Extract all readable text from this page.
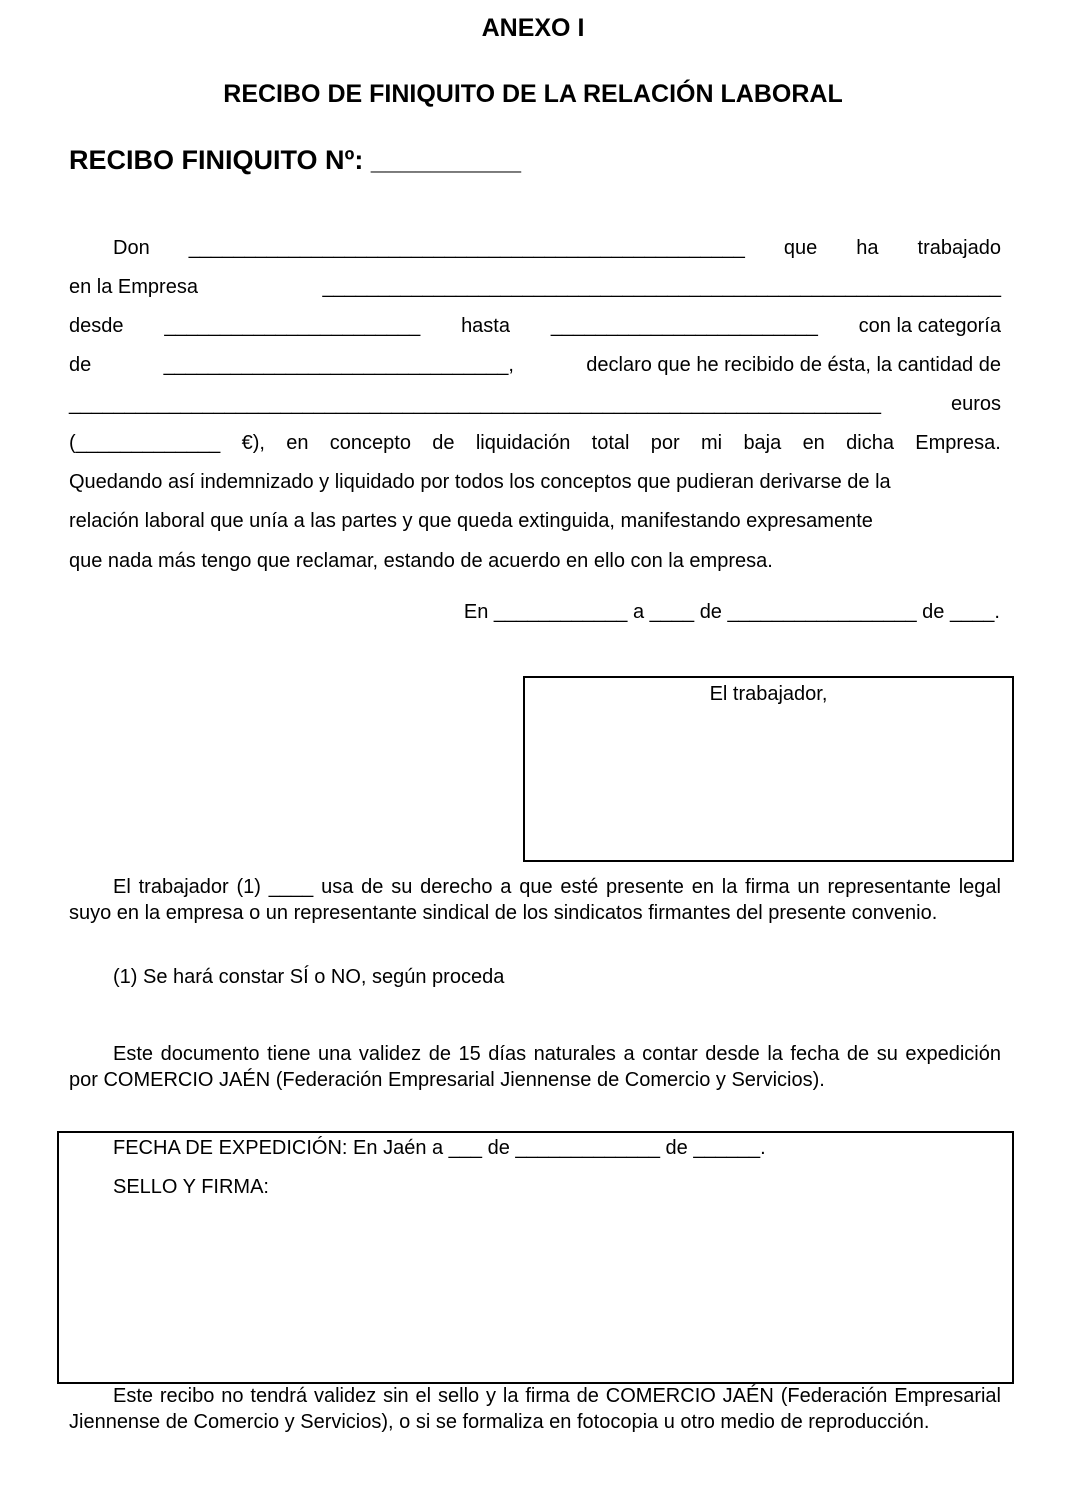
ANEXO I
RECIBO DE FINIQUITO DE LA RELACIÓN LABORAL
RECIBO FINIQUITO Nº: __________
Don __________________________________________________ que ha trabajado
en la Empresa	_____________________________________________________________
desde _______________________ hasta ________________________ con la categoría
de	_______________________________,	declaro que he recibido de ésta, la cantidad de
_________________________________________________________________________	euros
(_____________ €), en concepto de liquidación total por mi baja en dicha Empresa.
Quedando así indemnizado y liquidado por todos los conceptos que pudieran derivarse de la
relación laboral que unía a las partes y que queda extinguida, manifestando expresamente
que nada más tengo que reclamar, estando de acuerdo en ello con la empresa.
En ____________ a ____ de _________________ de ____.
El trabajador,
El trabajador (1) ____ usa de su derecho a que esté presente en la firma un representante legal suyo en la empresa o un representante sindical de los sindicatos firmantes del presente convenio.
(1) Se hará constar SÍ o NO, según proceda
Este documento tiene una validez de 15 días naturales a contar desde la fecha de su expedición por COMERCIO JAÉN (Federación Empresarial Jiennense de Comercio y Servicios).
FECHA DE EXPEDICIÓN: En Jaén a ___ de _____________ de ______.
SELLO Y FIRMA:
Este recibo no tendrá validez sin el sello y la firma de COMERCIO JAÉN (Federación Empresarial Jiennense de Comercio y Servicios), o si se formaliza en fotocopia u otro medio de reproducción.
